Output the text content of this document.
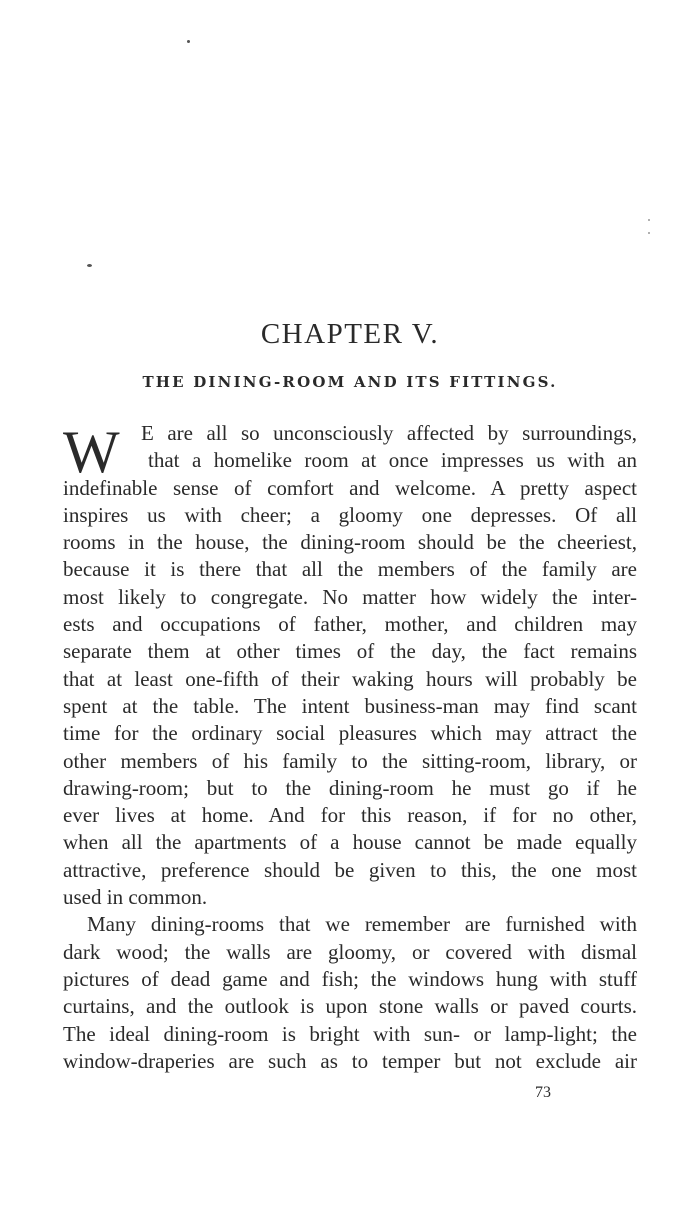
CHAPTER V.
THE DINING-ROOM AND ITS FITTINGS.
W	E are all so unconsciously affected by surroundings,
that a homelike room at once impresses us with an
indefinable sense of comfort and welcome. A pretty aspect
inspires us with cheer; a gloomy one depresses. Of all
rooms in the house, the dining-room should be the cheeriest,
because it is there that all the members of the family are
most likely to congregate. No matter how widely the inter-
ests and occupations of father, mother, and children may
separate them at other times of the day, the fact remains
that at least one-fifth of their waking hours will probably be
spent at the table. The intent business-man may find scant
time for the ordinary social pleasures which may attract the
other members of his family to the sitting-room, library, or
drawing-room; but to the dining-room he must go if he
ever lives at home. And for this reason, if for no other,
when all the apartments of a house cannot be made equally
attractive, preference should be given to this, the one most
used in common.
Many dining-rooms that we remember are furnished with
dark wood; the walls are gloomy, or covered with dismal
pictures of dead game and fish; the windows hung with stuff
curtains, and the outlook is upon stone walls or paved courts.
The ideal dining-room is bright with sun- or lamp-light; the
window-draperies are such as to temper but not exclude air
73
